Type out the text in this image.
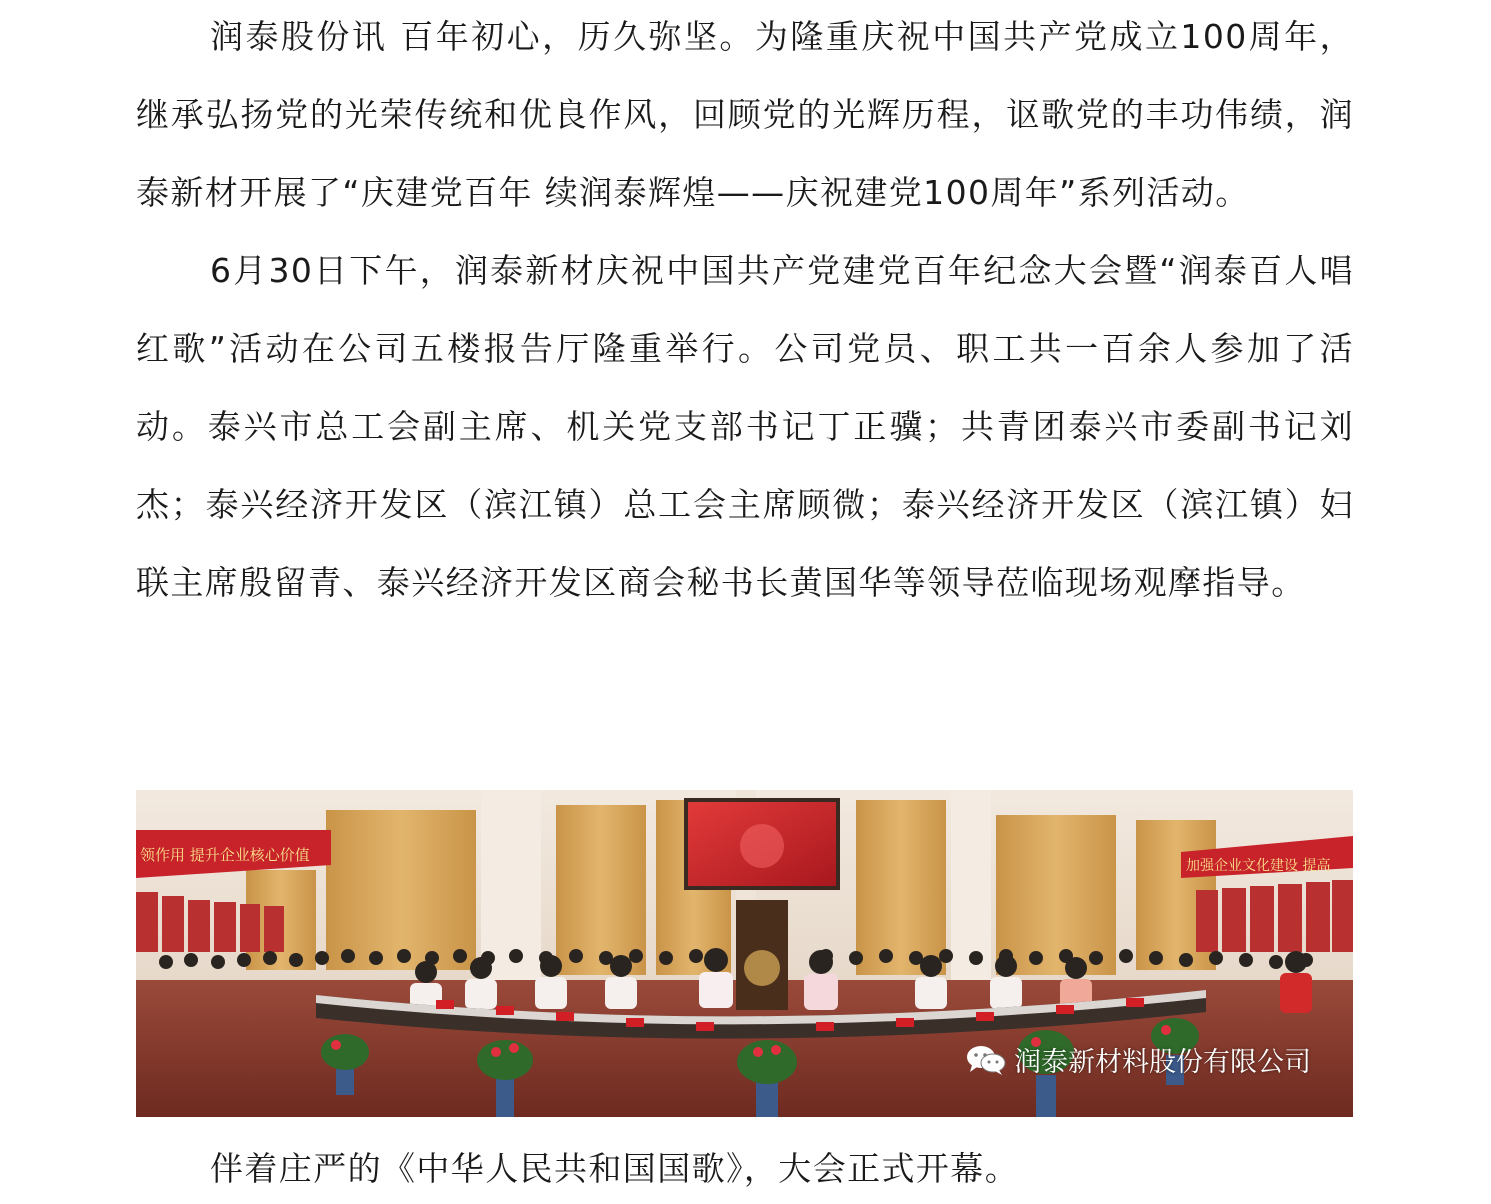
润泰股份讯 百年初心，历久弥坚。为隆重庆祝中国共产党成立100周年，继承弘扬党的光荣传统和优良作风，回顾党的光辉历程，讴歌党的丰功伟绩，润泰新材开展了“庆建党百年 续润泰辉煌——庆祝建党100周年”系列活动。

6月30日下午，润泰新材庆祝中国共产党建党百年纪念大会暨“润泰百人唱红歌”活动在公司五楼报告厅隆重举行。公司党员、职工共一百余人参加了活动。泰兴市总工会副主席、机关党支部书记丁正骥；共青团泰兴市委副书记刘杰；泰兴经济开发区（滨江镇）总工会主席顾微；泰兴经济开发区（滨江镇）妇联主席殷留青、泰兴经济开发区商会秘书长黄国华等领导莅临现场观摩指导。

领作用 提升企业核心价值
加强企业文化建设 提高
润泰新材料股份有限公司

伴着庄严的《中华人民共和国国歌》，大会正式开幕。
